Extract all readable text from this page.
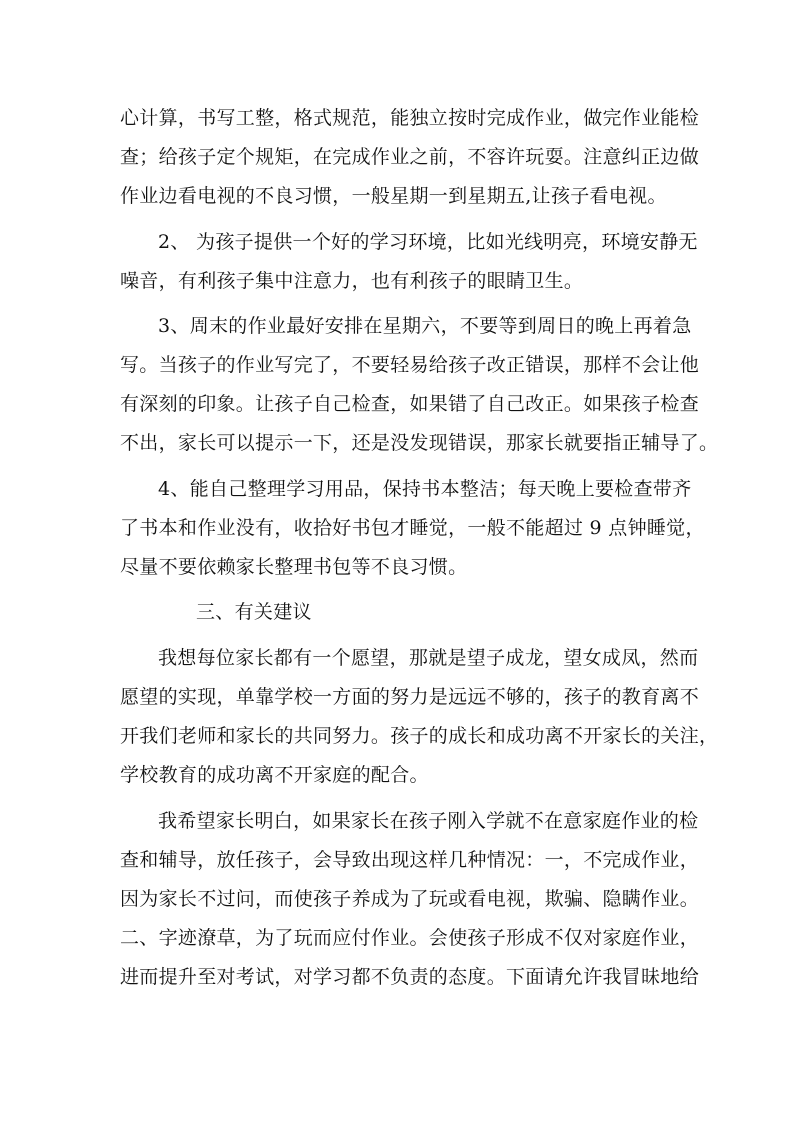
心计算，书写工整，格式规范，能独立按时完成作业，做完作业能检
查；给孩子定个规矩，在完成作业之前，不容许玩耍。注意纠正边做
作业边看电视的不良习惯，一般星期一到星期五,让孩子看电视。
2、 为孩子提供一个好的学习环境，比如光线明亮，环境安静无
噪音，有利孩子集中注意力，也有利孩子的眼睛卫生。
3、周末的作业最好安排在星期六，不要等到周日的晚上再着急
写。当孩子的作业写完了，不要轻易给孩子改正错误，那样不会让他
有深刻的印象。让孩子自己检查，如果错了自己改正。如果孩子检查
不出，家长可以提示一下，还是没发现错误，那家长就要指正辅导了。
4、能自己整理学习用品，保持书本整洁；每天晚上要检查带齐
了书本和作业没有，收拾好书包才睡觉，一般不能超过 9 点钟睡觉，
尽量不要依赖家长整理书包等不良习惯。
三、有关建议
我想每位家长都有一个愿望，那就是望子成龙，望女成凤，然而
愿望的实现，单靠学校一方面的努力是远远不够的，孩子的教育离不
开我们老师和家长的共同努力。孩子的成长和成功离不开家长的关注，
学校教育的成功离不开家庭的配合。
我希望家长明白，如果家长在孩子刚入学就不在意家庭作业的检
查和辅导，放任孩子，会导致出现这样几种情况：一，不完成作业，
因为家长不过问，而使孩子养成为了玩或看电视，欺骗、隐瞒作业。
二、字迹潦草，为了玩而应付作业。会使孩子形成不仅对家庭作业，
进而提升至对考试，对学习都不负责的态度。下面请允许我冒昧地给
